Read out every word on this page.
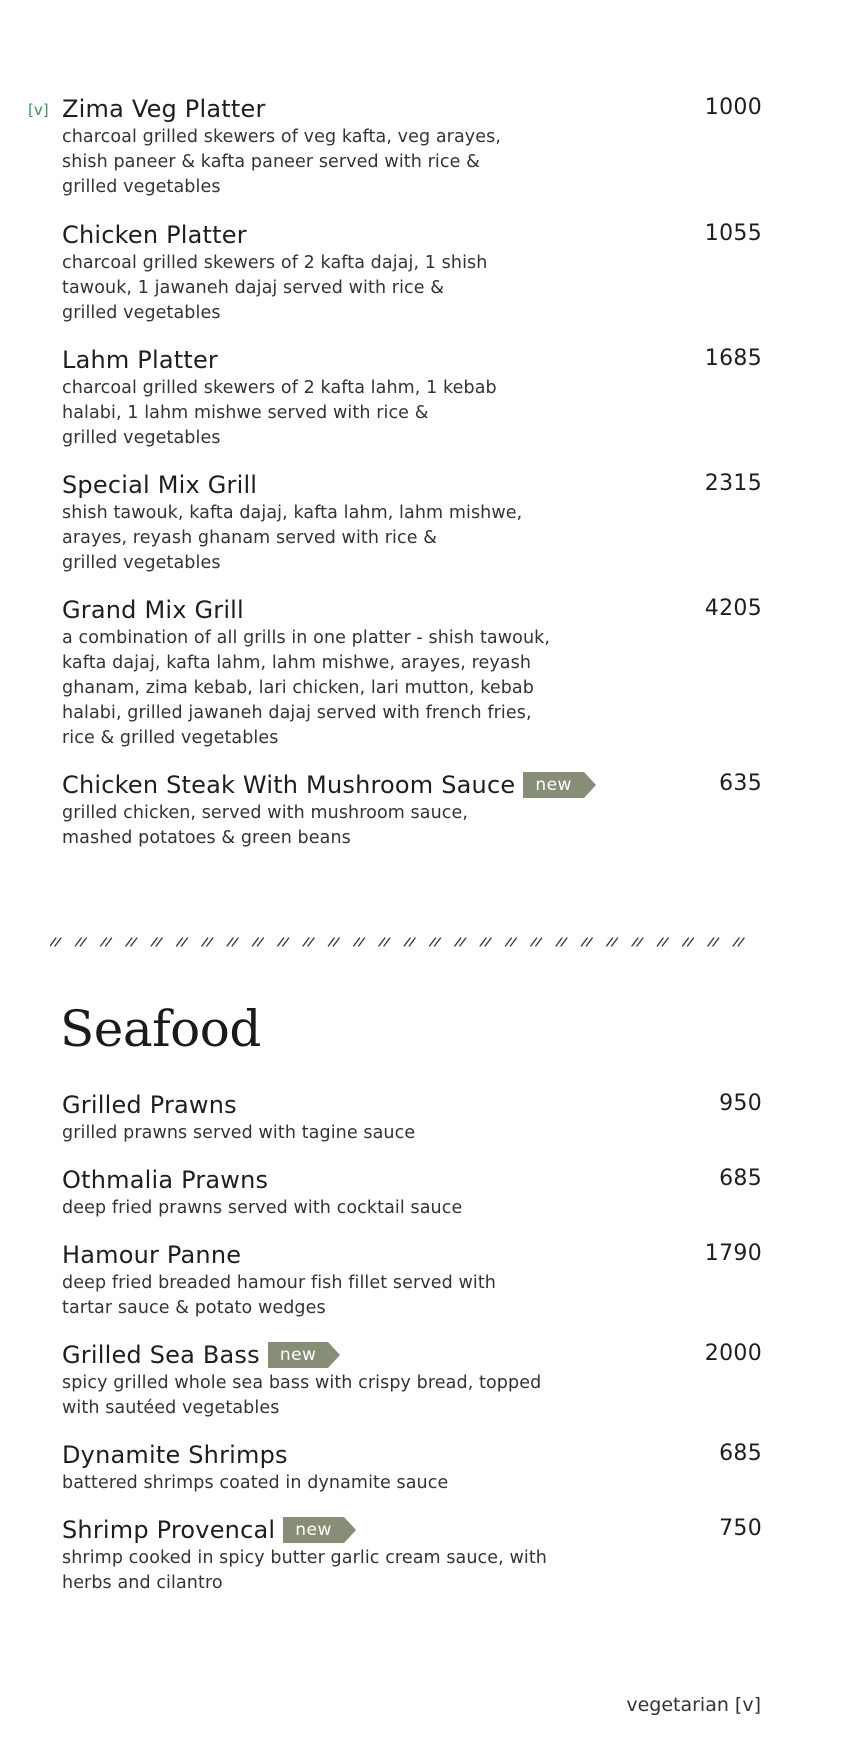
[v] Zima Veg Platter	1000
charcoal grilled skewers of veg kafta, veg arayes,
shish paneer & kafta paneer served with rice &
grilled vegetables
Chicken Platter	1055
charcoal grilled skewers of 2 kafta dajaj, 1 shish
tawouk, 1 jawaneh dajaj served with rice &
grilled vegetables
Lahm Platter	1685
charcoal grilled skewers of 2 kafta lahm, 1 kebab
halabi, 1 lahm mishwe served with rice &
grilled vegetables
Special Mix Grill	2315
shish tawouk, kafta dajaj, kafta lahm, lahm mishwe,
arayes, reyash ghanam served with rice &
grilled vegetables
Grand Mix Grill	4205
a combination of all grills in one platter - shish tawouk,
kafta dajaj, kafta lahm, lahm mishwe, arayes, reyash
ghanam, zima kebab, lari chicken, lari mutton, kebab
halabi, grilled jawaneh dajaj served with french fries,
rice & grilled vegetables
Chicken Steak With Mushroom Sauce	new	635
grilled chicken, served with mushroom sauce,
mashed potatoes & green beans
Seafood
Grilled Prawns	950
grilled prawns served with tagine sauce
Othmalia Prawns	685
deep fried prawns served with cocktail sauce
Hamour Panne	1790
deep fried breaded hamour fish fillet served with
tartar sauce & potato wedges
Grilled Sea Bass	new	2000
spicy grilled whole sea bass with crispy bread, topped
with sautéed vegetables
Dynamite Shrimps	685
battered shrimps coated in dynamite sauce
Shrimp Provencal	new	750
shrimp cooked in spicy butter garlic cream sauce, with
herbs and cilantro
vegetarian [v]
